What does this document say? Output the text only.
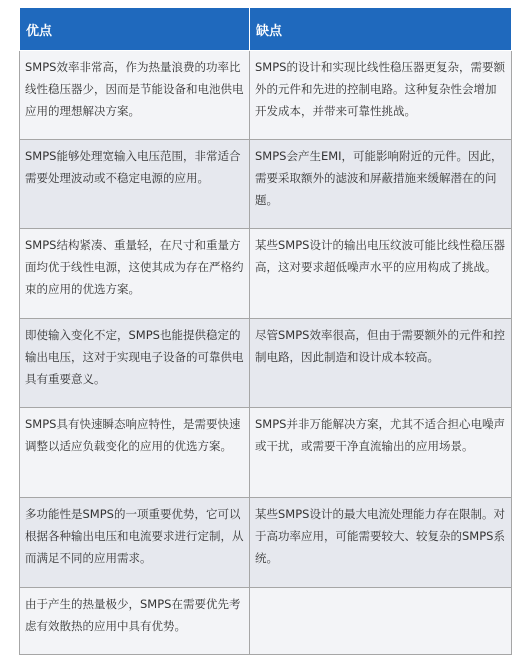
优点	缺点
SMPS效率非常高，作为热量浪费的功率比线性稳压器少，因而是节能设备和电池供电应用的理想解决方案。	SMPS的设计和实现比线性稳压器更复杂，需要额外的元件和先进的控制电路。这种复杂性会增加开发成本，并带来可靠性挑战。
SMPS能够处理宽输入电压范围，非常适合需要处理波动或不稳定电源的应用。	SMPS会产生EMI，可能影响附近的元件。因此，需要采取额外的滤波和屏蔽措施来缓解潜在的问题。
SMPS结构紧凑、重量轻，在尺寸和重量方面均优于线性电源，这使其成为存在严格约束的应用的优选方案。	某些SMPS设计的输出电压纹波可能比线性稳压器高，这对要求超低噪声水平的应用构成了挑战。
即使输入变化不定，SMPS也能提供稳定的输出电压，这对于实现电子设备的可靠供电具有重要意义。	尽管SMPS效率很高，但由于需要额外的元件和控制电路，因此制造和设计成本较高。
SMPS具有快速瞬态响应特性，是需要快速调整以适应负载变化的应用的优选方案。	SMPS并非万能解决方案，尤其不适合担心电噪声或干扰，或需要干净直流输出的应用场景。
多功能性是SMPS的一项重要优势，它可以根据各种输出电压和电流要求进行定制，从而满足不同的应用需求。	某些SMPS设计的最大电流处理能力存在限制。对于高功率应用，可能需要较大、较复杂的SMPS系统。
由于产生的热量极少，SMPS在需要优先考虑有效散热的应用中具有优势。	
